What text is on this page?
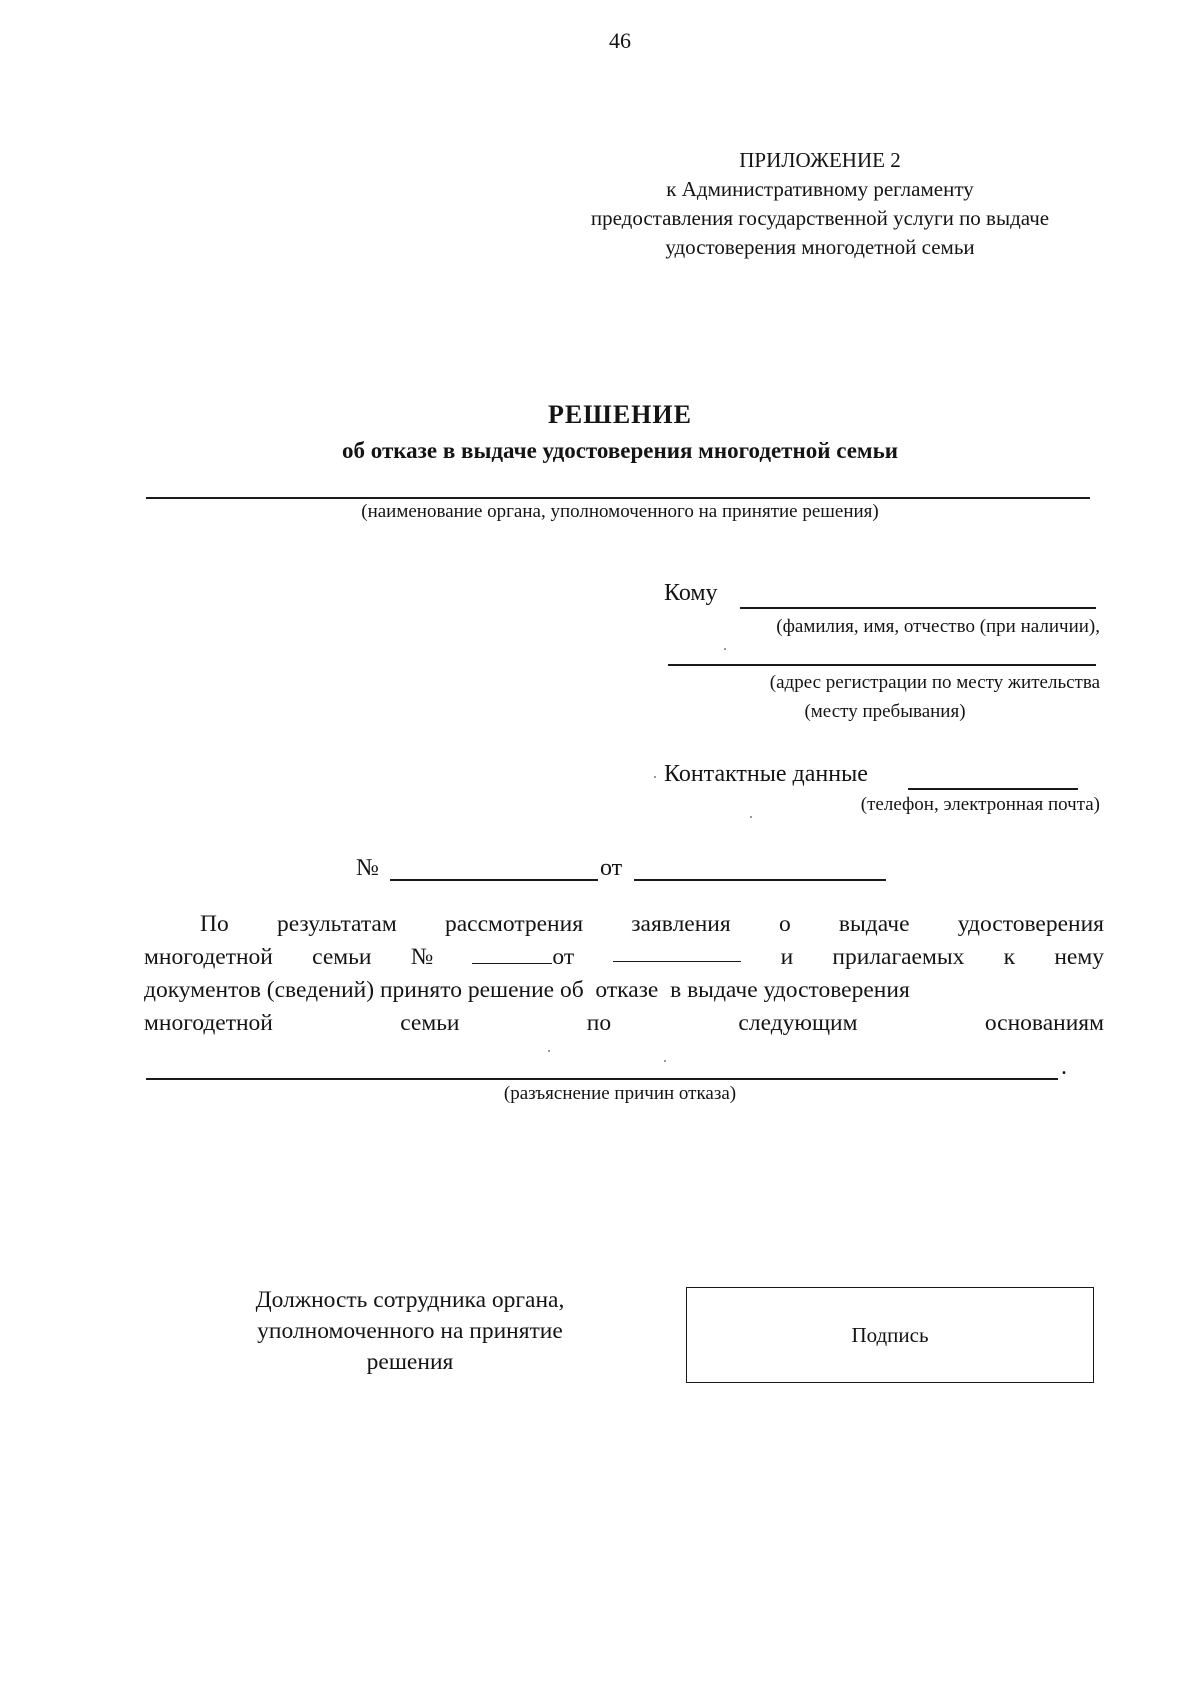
46
ПРИЛОЖЕНИЕ 2
к Административному регламенту
предоставления государственной услуги по выдаче
удостоверения многодетной семьи
РЕШЕНИЕ
об отказе в выдаче удостоверения многодетной семьи
(наименование органа, уполномоченного на принятие решения)
Кому
(фамилия, имя, отчество (при наличии),
(адрес регистрации по месту жительства
(месту пребывания)
Контактные данные
(телефон, электронная почта)
№	от
По результатам рассмотрения заявления о выдаче удостоверения
многодетной семьи №	от	и прилагаемых к нему
документов (сведений) принято решение об  отказе  в выдаче удостоверения
многодетной	семьи	по	следующим	основаниям
.
(разъяснение причин отказа)
Должность сотрудника органа,
уполномоченного на принятие
решения
Подпись
